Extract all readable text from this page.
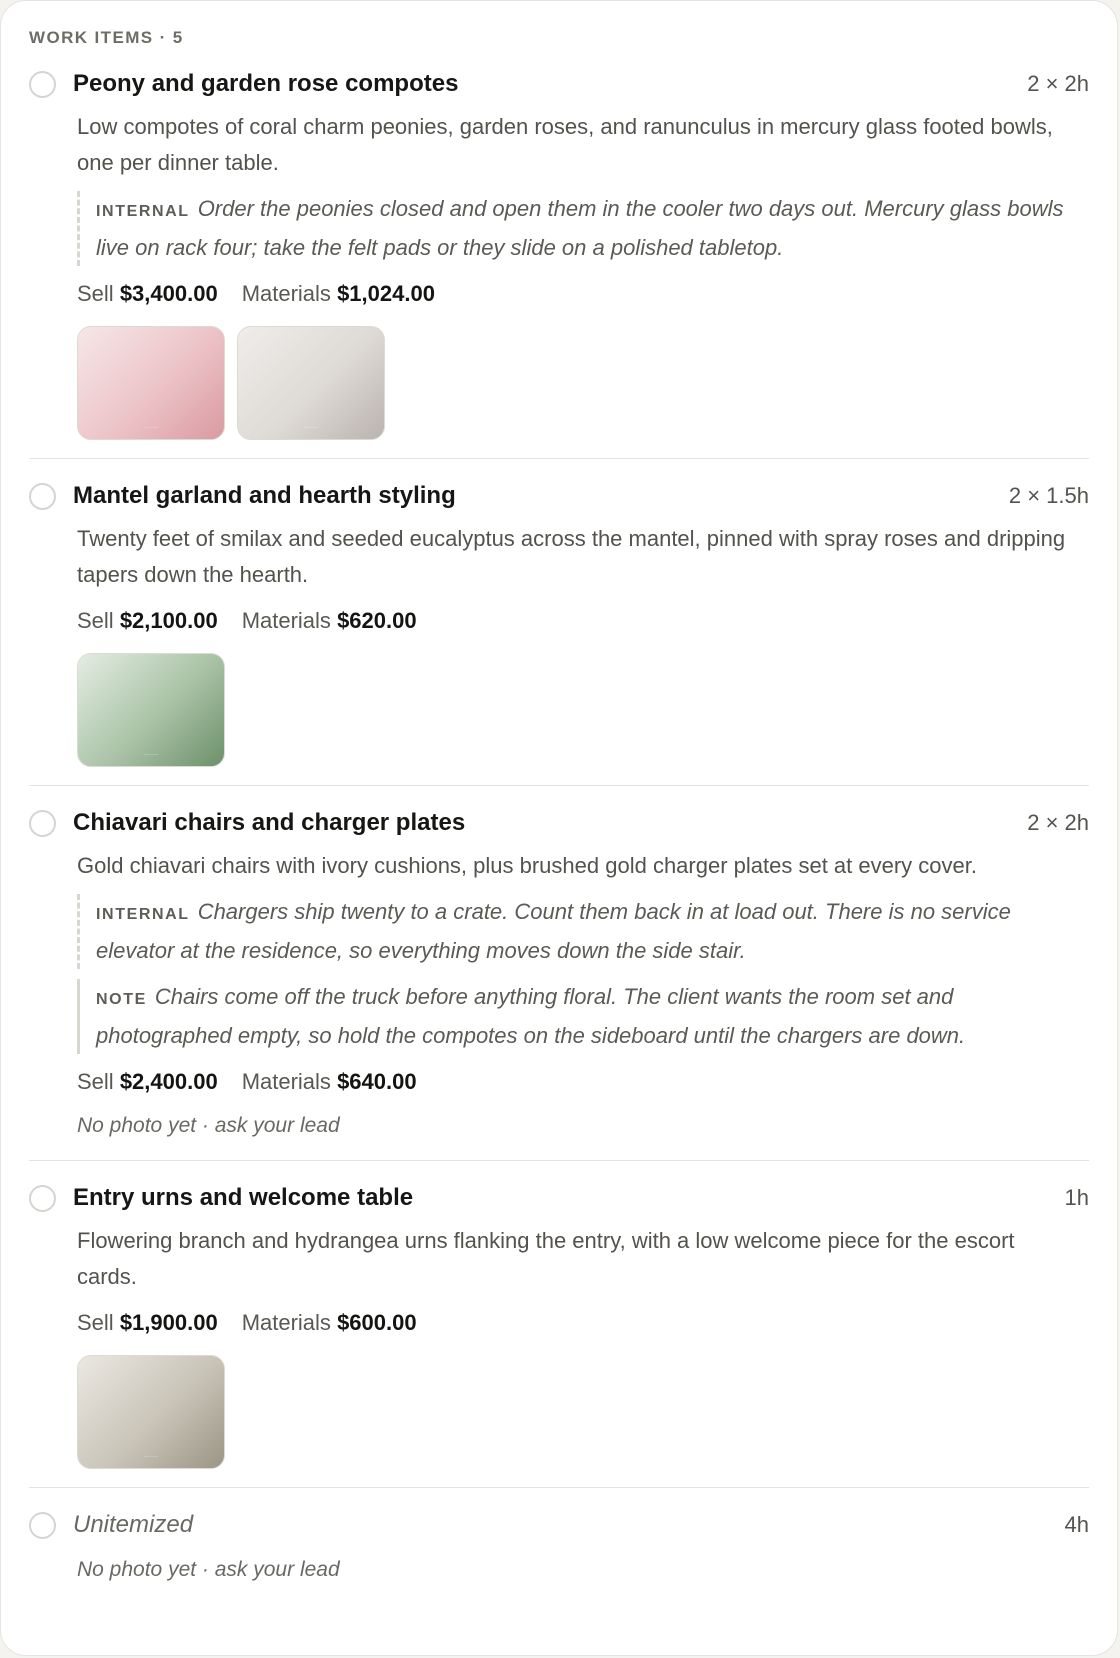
WORK ITEMS · 5
Peony and garden rose compotes	2 × 2h
Low compotes of coral charm peonies, garden roses, and ranunculus in mercury glass footed bowls, one per dinner table.
INTERNAL Order the peonies closed and open them in the cooler two days out. Mercury glass bowls live on rack four; take the felt pads or they slide on a polished tabletop.
Sell $3,400.00 Materials $1,024.00
·········	·········
Mantel garland and hearth styling	2 × 1.5h
Twenty feet of smilax and seeded eucalyptus across the mantel, pinned with spray roses and dripping tapers down the hearth.
Sell $2,100.00 Materials $620.00
·········
Chiavari chairs and charger plates	2 × 2h
Gold chiavari chairs with ivory cushions, plus brushed gold charger plates set at every cover.
INTERNAL Chargers ship twenty to a crate. Count them back in at load out. There is no service elevator at the residence, so everything moves down the side stair.
NOTE Chairs come off the truck before anything floral. The client wants the room set and photographed empty, so hold the compotes on the sideboard until the chargers are down.
Sell $2,400.00 Materials $640.00
No photo yet · ask your lead
Entry urns and welcome table	1h
Flowering branch and hydrangea urns flanking the entry, with a low welcome piece for the escort cards.
Sell $1,900.00 Materials $600.00
·········
Unitemized	4h
No photo yet · ask your lead
